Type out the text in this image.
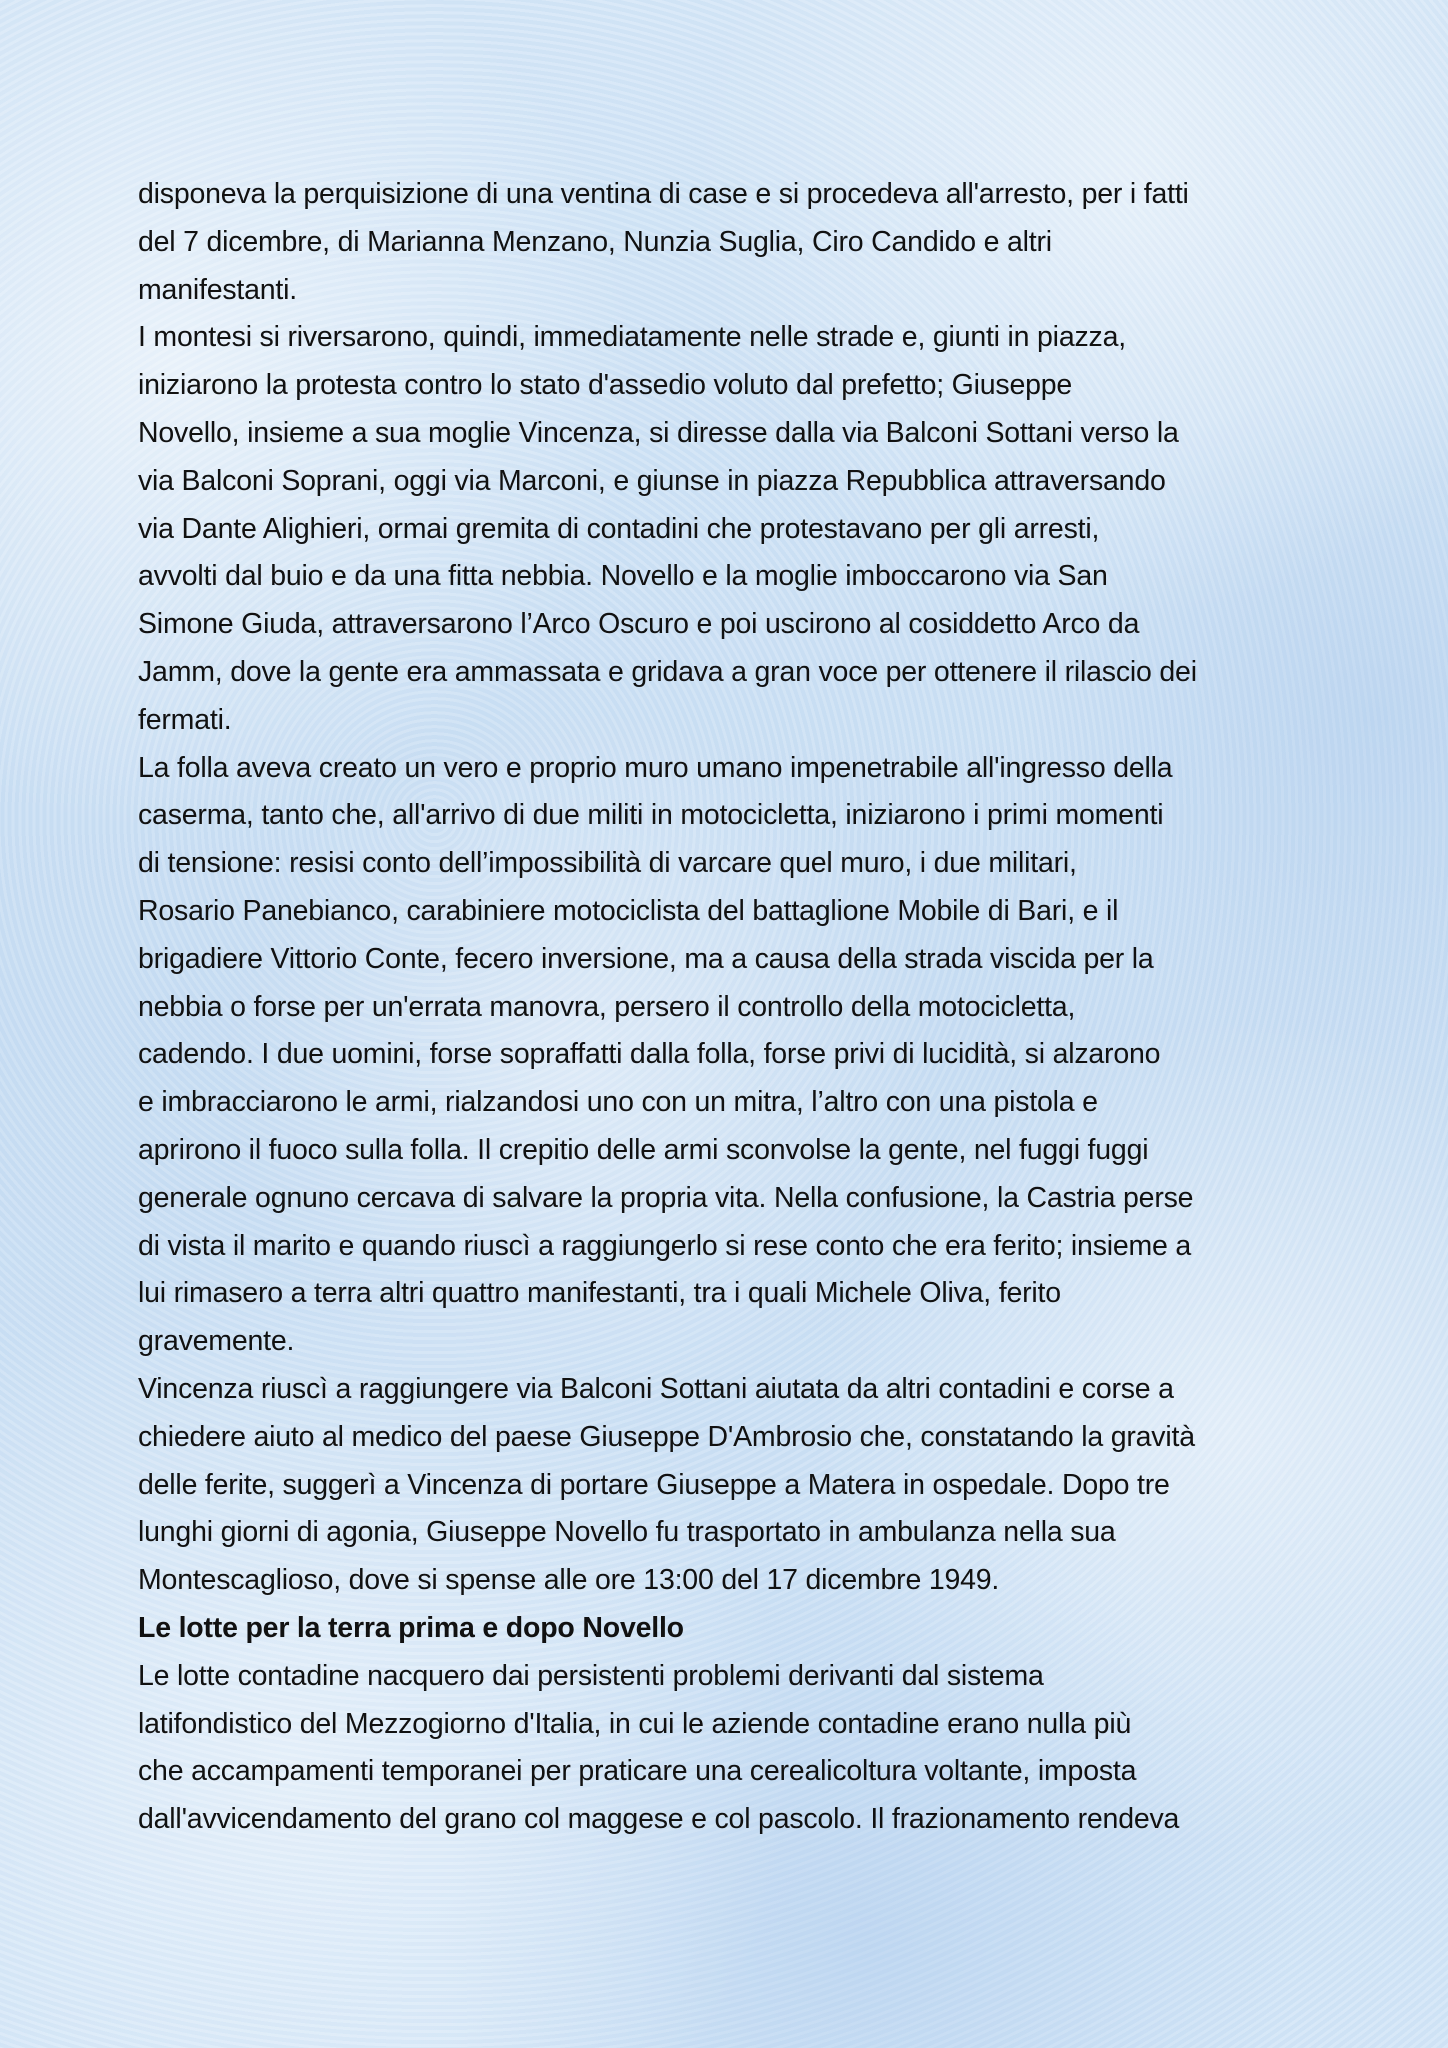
disponeva la perquisizione di una ventina di case e si procedeva all'arresto, per i fatti
del 7 dicembre, di Marianna Menzano, Nunzia Suglia, Ciro Candido e altri
manifestanti.
I montesi si riversarono, quindi, immediatamente nelle strade e, giunti in piazza,
iniziarono la protesta contro lo stato d'assedio voluto dal prefetto; Giuseppe
Novello, insieme a sua moglie Vincenza, si diresse dalla via Balconi Sottani verso la
via Balconi Soprani, oggi via Marconi, e giunse in piazza Repubblica attraversando
via Dante Alighieri, ormai gremita di contadini che protestavano per gli arresti,
avvolti dal buio e da una fitta nebbia. Novello e la moglie imboccarono via San
Simone Giuda, attraversarono l’Arco Oscuro e poi uscirono al cosiddetto Arco da
Jamm, dove la gente era ammassata e gridava a gran voce per ottenere il rilascio dei
fermati.
La folla aveva creato un vero e proprio muro umano impenetrabile all'ingresso della
caserma, tanto che, all'arrivo di due militi in motocicletta, iniziarono i primi momenti
di tensione: resisi conto dell’impossibilità di varcare quel muro, i due militari,
Rosario Panebianco, carabiniere motociclista del battaglione Mobile di Bari, e il
brigadiere Vittorio Conte, fecero inversione, ma a causa della strada viscida per la
nebbia o forse per un'errata manovra, persero il controllo della motocicletta,
cadendo. I due uomini, forse sopraffatti dalla folla, forse privi di lucidità, si alzarono
e imbracciarono le armi, rialzandosi uno con un mitra, l’altro con una pistola e
aprirono il fuoco sulla folla. Il crepitio delle armi sconvolse la gente, nel fuggi fuggi
generale ognuno cercava di salvare la propria vita. Nella confusione, la Castria perse
di vista il marito e quando riuscì a raggiungerlo si rese conto che era ferito; insieme a
lui rimasero a terra altri quattro manifestanti, tra i quali Michele Oliva, ferito
gravemente.
Vincenza riuscì a raggiungere via Balconi Sottani aiutata da altri contadini e corse a
chiedere aiuto al medico del paese Giuseppe D'Ambrosio che, constatando la gravità
delle ferite, suggerì a Vincenza di portare Giuseppe a Matera in ospedale. Dopo tre
lunghi giorni di agonia, Giuseppe Novello fu trasportato in ambulanza nella sua
Montescaglioso, dove si spense alle ore 13:00 del 17 dicembre 1949.
Le lotte per la terra prima e dopo Novello
Le lotte contadine nacquero dai persistenti problemi derivanti dal sistema
latifondistico del Mezzogiorno d'Italia, in cui le aziende contadine erano nulla più
che accampamenti temporanei per praticare una cerealicoltura voltante, imposta
dall'avvicendamento del grano col maggese e col pascolo. Il frazionamento rendeva
